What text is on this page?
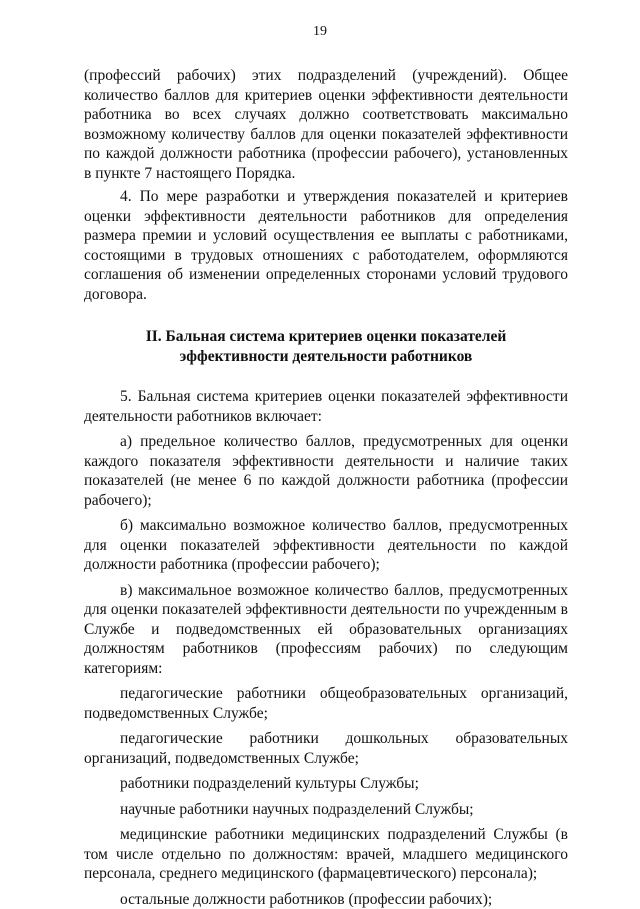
19

(профессий рабочих) этих подразделений (учреждений). Общее количество баллов для критериев оценки эффективности деятельности работника во всех случаях должно соответствовать максимально возможному количеству баллов для оценки показателей эффективности по каждой должности работника (профессии рабочего), установленных в пункте 7 настоящего Порядка.

4. По мере разработки и утверждения показателей и критериев оценки эффективности деятельности работников для определения размера премии и условий осуществления ее выплаты с работниками, состоящими в трудовых отношениях с работодателем, оформляются соглашения об изменении определенных сторонами условий трудового договора.

II. Бальная система критериев оценки показателей
эффективности деятельности работников

5. Бальная система критериев оценки показателей эффективности деятельности работников включает:

а) предельное количество баллов, предусмотренных для оценки каждого показателя эффективности деятельности и наличие таких показателей (не менее 6 по каждой должности работника (профессии рабочего);

б) максимально возможное количество баллов, предусмотренных для оценки показателей эффективности деятельности по каждой должности работника (профессии рабочего);

в) максимальное возможное количество баллов, предусмотренных для оценки показателей эффективности деятельности по учрежденным в Службе и подведомственных ей образовательных организациях должностям работников (профессиям рабочих) по следующим категориям:

педагогические работники общеобразовательных организаций, подведомственных Службе;

педагогические работники дошкольных образовательных организаций, подведомственных Службе;

работники подразделений культуры Службы;

научные работники научных подразделений Службы;

медицинские работники медицинских подразделений Службы (в том числе отдельно по должностям: врачей, младшего медицинского персонала, среднего медицинского (фармацевтического) персонала);

остальные должности работников (профессии рабочих);
